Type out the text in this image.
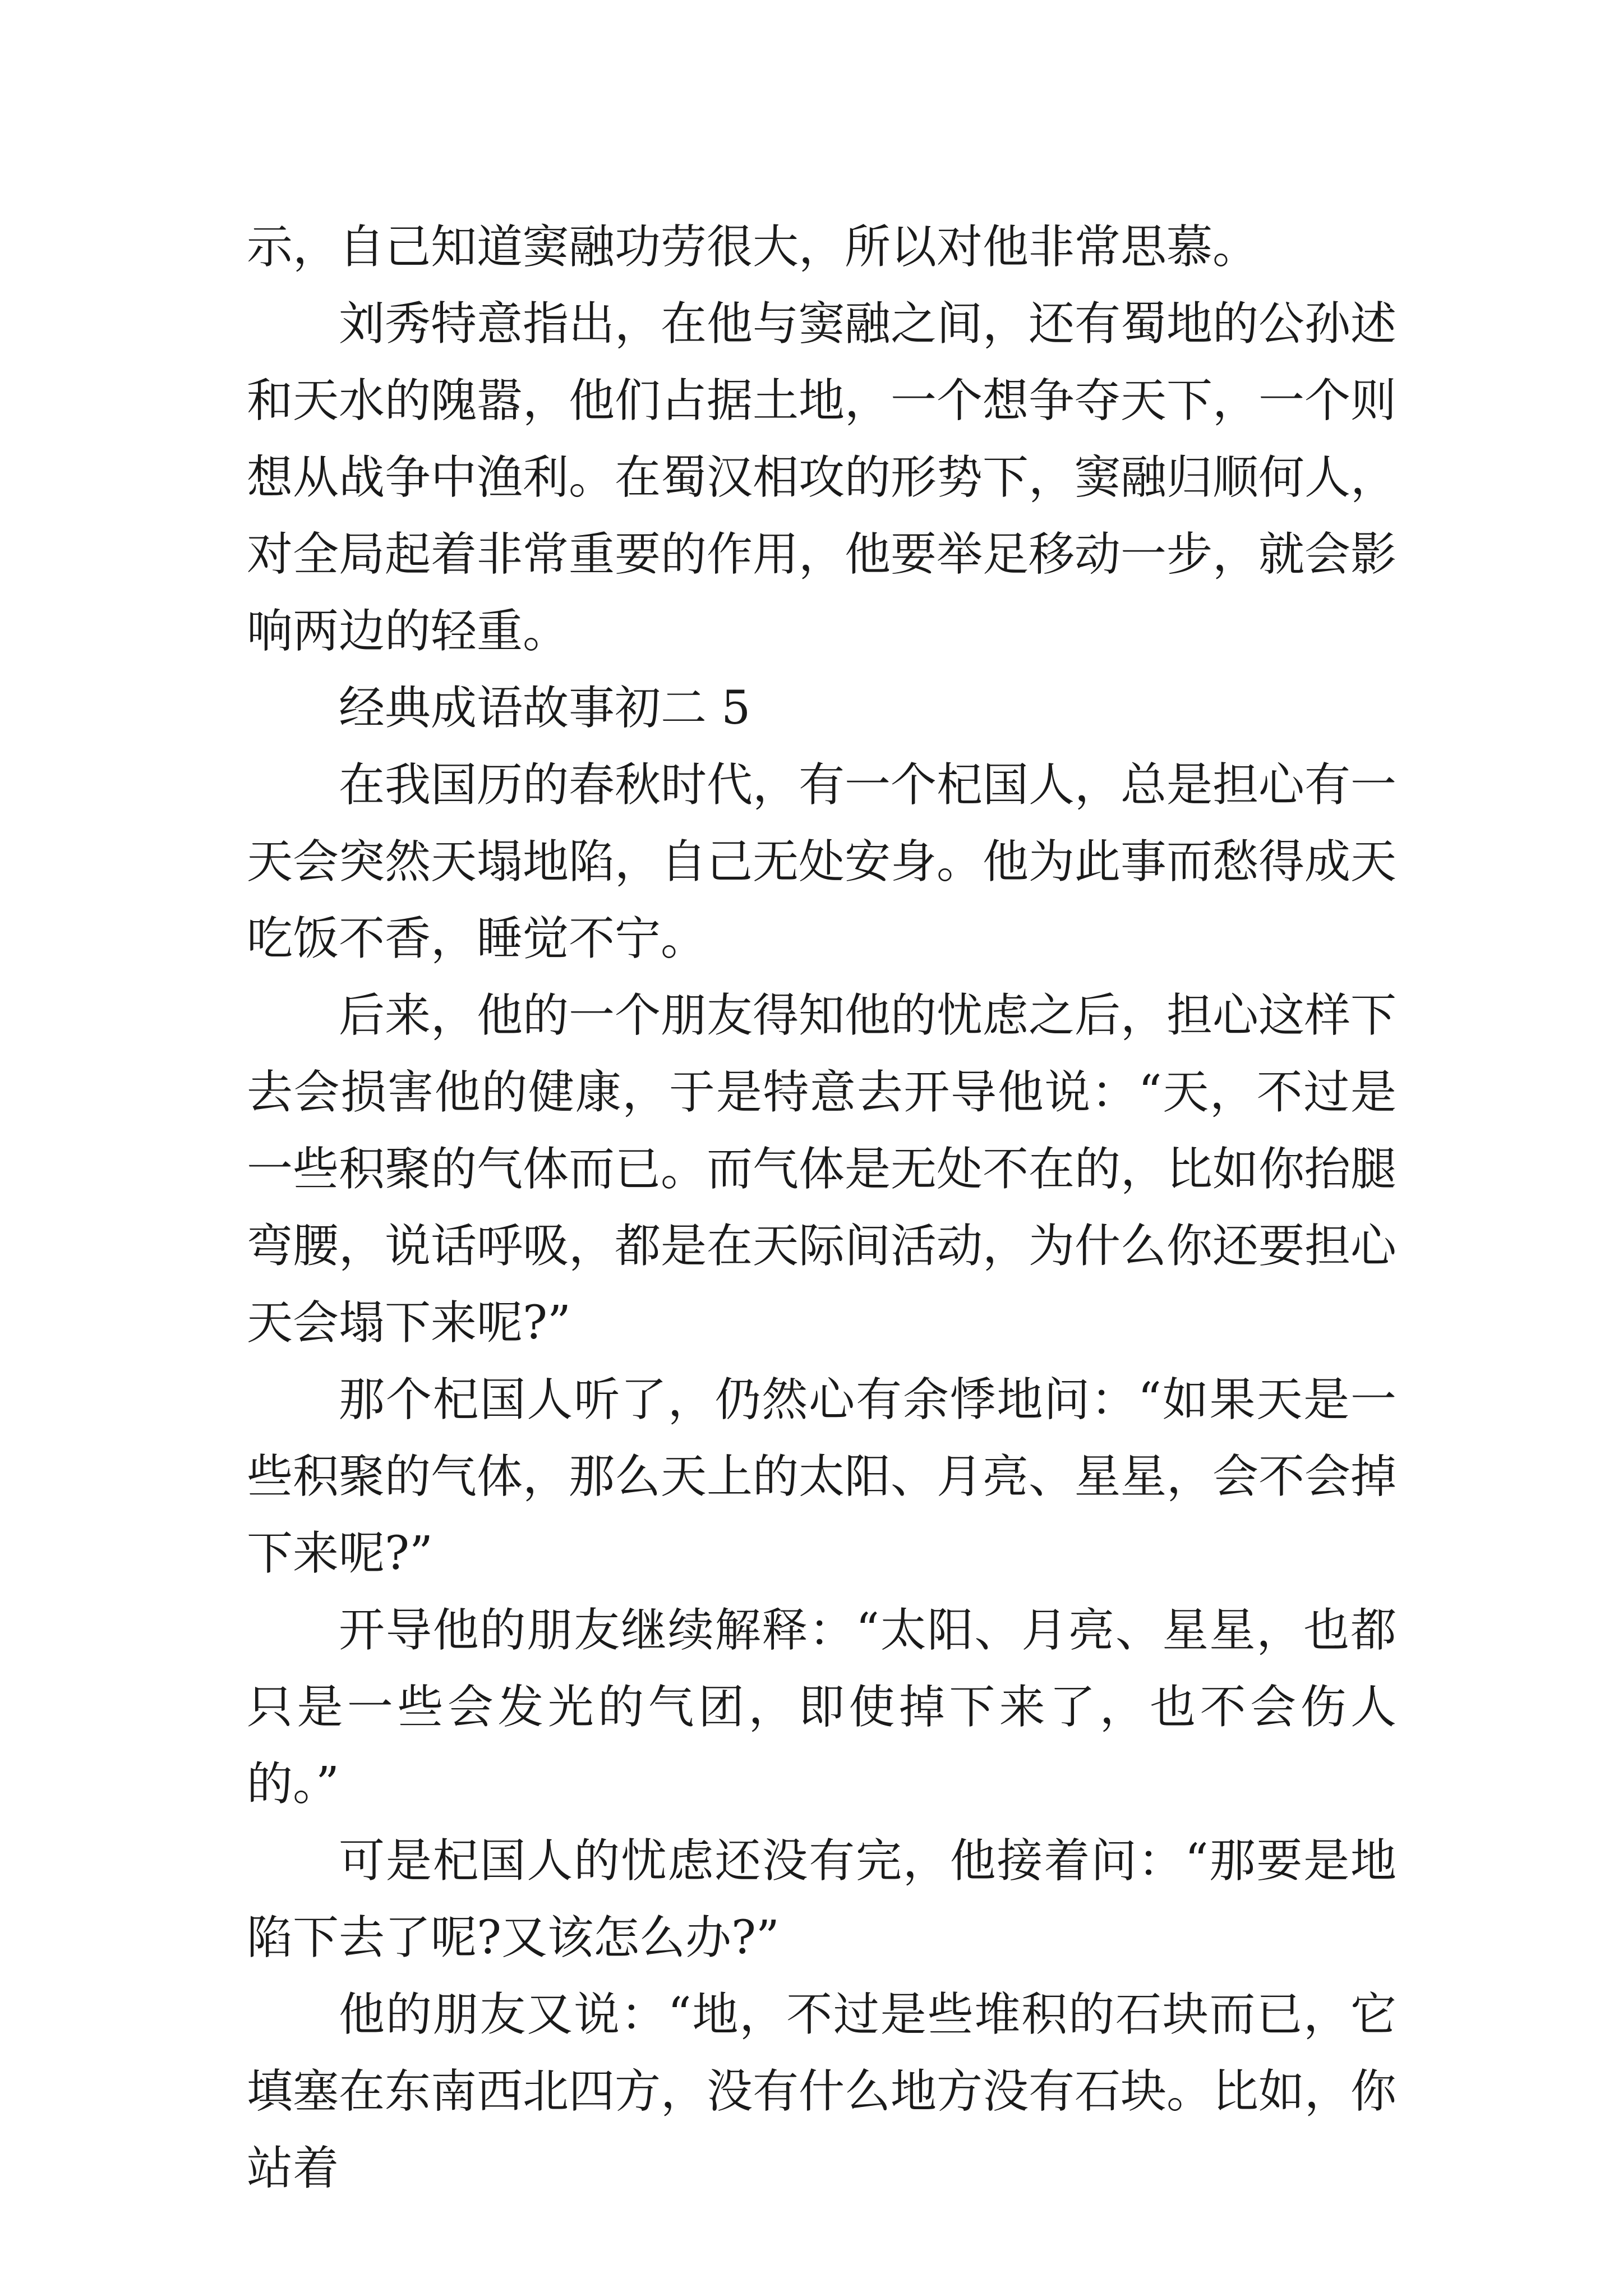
示，自己知道窦融功劳很大，所以对他非常思慕。

刘秀特意指出，在他与窦融之间，还有蜀地的公孙述和天水的隗嚣，他们占据土地，一个想争夺天下，一个则想从战争中渔利。在蜀汉相攻的形势下，窦融归顺何人，对全局起着非常重要的作用，他要举足移动一步，就会影响两边的轻重。

经典成语故事初二 5

在我国历的春秋时代，有一个杞国人，总是担心有一天会突然天塌地陷，自己无处安身。他为此事而愁得成天吃饭不香，睡觉不宁。

后来，他的一个朋友得知他的忧虑之后，担心这样下去会损害他的健康，于是特意去开导他说：“天，不过是一些积聚的气体而已。而气体是无处不在的，比如你抬腿弯腰，说话呼吸，都是在天际间活动，为什么你还要担心天会塌下来呢?”

那个杞国人听了，仍然心有余悸地问：“如果天是一些积聚的气体，那么天上的太阳、月亮、星星，会不会掉下来呢?”

开导他的朋友继续解释：“太阳、月亮、星星，也都只是一些会发光的气团，即使掉下来了，也不会伤人的。”

可是杞国人的忧虑还没有完，他接着问：“那要是地陷下去了呢?又该怎么办?”

他的朋友又说：“地，不过是些堆积的石块而已，它填塞在东南西北四方，没有什么地方没有石块。比如，你站着
